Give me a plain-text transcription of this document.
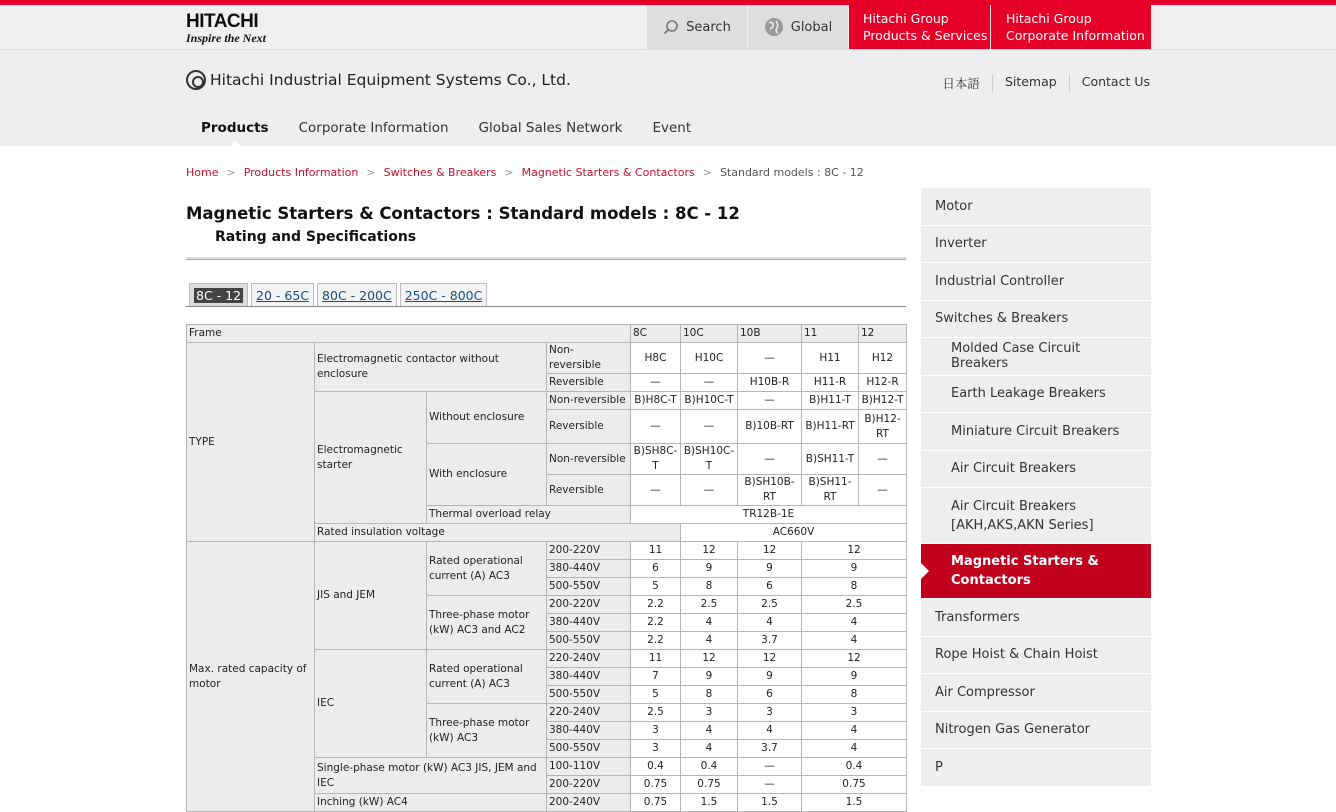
HITACHI
Inspire the Next
Search	Global
Hitachi Group
Products & Services
Hitachi Group
Corporate Information
Hitachi Industrial Equipment Systems Co., Ltd.	日本語	Sitemap	Contact Us
Products	Corporate Information	Global Sales Network	Event
Home > Products Information > Switches & Breakers > Magnetic Starters & Contactors > Standard models : 8C - 12
Magnetic Starters & Contactors : Standard models : 8C - 12
Rating and Specifications
8C - 12	20 - 65C	80C - 200C	250C - 800C
Frame				8C	10C	10B	11	12
TYPE	Electromagnetic contactor without enclosure		Non- reversible	H8C	H10C	—	H11	H12
			Reversible	—	—	H10B-R	H11-R	H12-R
	Electromagnetic starter	Without enclosure	Non-reversible	B)H8C-T	B)H10C-T	—	B)H11-T	B)H12-T
			Reversible	—	—	B)10B-RT	B)H11-RT	B)H12-RT
		With enclosure	Non-reversible	B)SH8C-T	B)SH10C-T	—	B)SH11-T	—
			Reversible	—	—	B)SH10B-RT	B)SH11-RT	—
		Thermal overload relay		TR12B-1E				
	Rated insulation voltage				AC660V			
Max. rated capacity of motor	JIS and JEM	Rated operational current (A) AC3	200-220V	11	12	12	12	
			380-440V	6	9	9	9	
			500-550V	5	8	6	8	
		Three-phase motor (kW) AC3 and AC2	200-220V	2.2	2.5	2.5	2.5	
			380-440V	2.2	4	4	4	
			500-550V	2.2	4	3.7	4	
	IEC	Rated operational current (A) AC3	220-240V	11	12	12	12	
			380-440V	7	9	9	9	
			500-550V	5	8	6	8	
		Three-phase motor (kW) AC3	220-240V	2.5	3	3	3	
			380-440V	3	4	4	4	
			500-550V	3	4	3.7	4	
	Single-phase motor (kW) AC3 JIS, JEM and IEC		100-110V	0.4	0.4	—	0.4	
			200-220V	0.75	0.75	—	0.75	
	Inching (kW) AC4		200-240V	0.75	1.5	1.5	1.5	
Motor
Inverter
Industrial Controller
Switches & Breakers
Molded Case Circuit Breakers
Earth Leakage Breakers
Miniature Circuit Breakers
Air Circuit Breakers
Air Circuit Breakers [AKH,AKS,AKN Series]
Magnetic Starters & Contactors
Transformers
Rope Hoist & Chain Hoist
Air Compressor
Nitrogen Gas Generator
P
